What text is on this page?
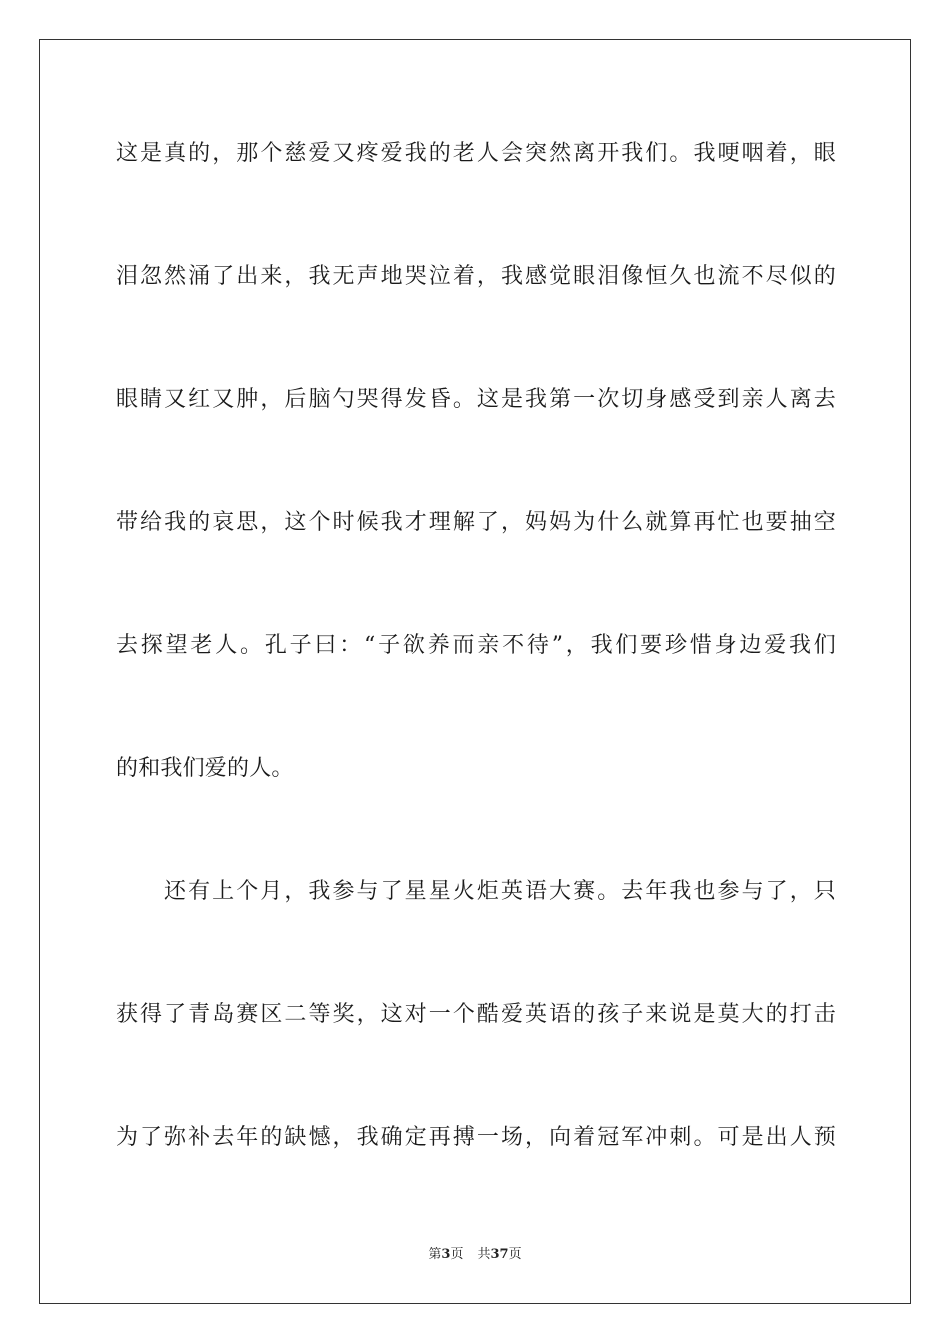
这是真的，那个慈爱又疼爱我的老人会突然离开我们。我哽咽着，眼
泪忽然涌了出来，我无声地哭泣着，我感觉眼泪像恒久也流不尽似的
眼睛又红又肿，后脑勺哭得发昏。这是我第一次切身感受到亲人离去
带给我的哀思，这个时候我才理解了，妈妈为什么就算再忙也要抽空
去探望老人。孔子曰：“子欲养而亲不待”，我们要珍惜身边爱我们
的和我们爱的人。
还有上个月，我参与了星星火炬英语大赛。去年我也参与了，只
获得了青岛赛区二等奖，这对一个酷爱英语的孩子来说是莫大的打击
为了弥补去年的缺憾，我确定再搏一场，向着冠军冲刺。可是出人预
第3页 共37页
